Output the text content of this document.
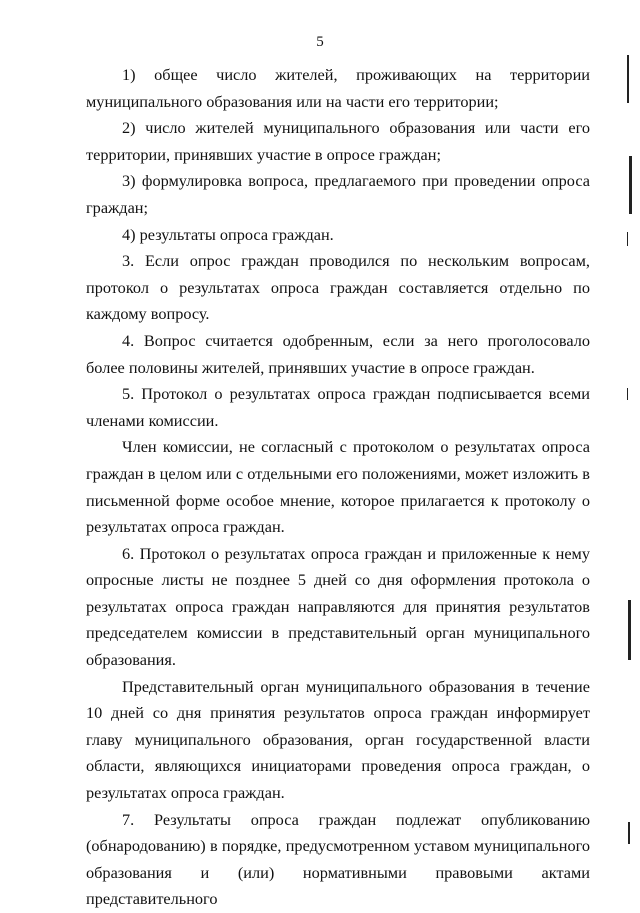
5

1) общее число жителей, проживающих на территории муниципального образования или на части его территории;

2) число жителей муниципального образования или части его территории, принявших участие в опросе граждан;

3) формулировка вопроса, предлагаемого при проведении опроса граждан;

4) результаты опроса граждан.

3. Если опрос граждан проводился по нескольким вопросам, протокол о результатах опроса граждан составляется отдельно по каждому вопросу.

4. Вопрос считается одобренным, если за него проголосовало более половины жителей, принявших участие в опросе граждан.

5. Протокол о результатах опроса граждан подписывается всеми членами комиссии.

Член комиссии, не согласный с протоколом о результатах опроса граждан в целом или с отдельными его положениями, может изложить в письменной форме особое мнение, которое прилагается к протоколу о результатах опроса граждан.

6. Протокол о результатах опроса граждан и приложенные к нему опросные листы не позднее 5 дней со дня оформления протокола о результатах опроса граждан направляются для принятия результатов председателем комиссии в представительный орган муниципального образования.

Представительный орган муниципального образования в течение 10 дней со дня принятия результатов опроса граждан информирует главу муниципального образования, орган государственной власти области, являющихся инициаторами проведения опроса граждан, о результатах опроса граждан.

7. Результаты опроса граждан подлежат опубликованию (обнародованию) в порядке, предусмотренном уставом муниципального образования и (или) нормативными правовыми актами представительного
